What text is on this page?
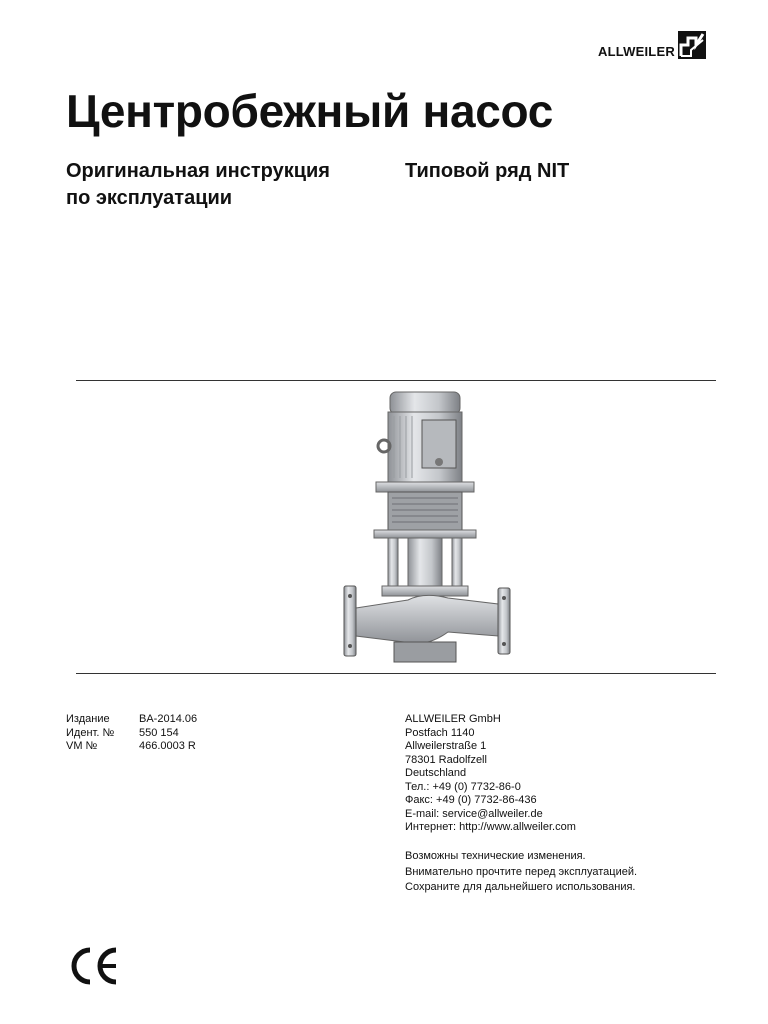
ALLWEILER
Центробежный насос
Оригинальная инструкция
по эксплуатации
Типовой ряд NIT
Издание	BA-2014.06
Идент. №	550 154
VM №	466.0003 R
ALLWEILER GmbH
Postfach 1140
Allweilerstraße 1
78301 Radolfzell
Deutschland
Тел.: +49 (0) 7732-86-0
Факс: +49 (0) 7732-86-436
E-mail: service@allweiler.de
Интернет: http://www.allweiler.com
Возможны технические изменения.
Внимательно прочтите перед эксплуатацией.
Сохраните для дальнейшего использования.
